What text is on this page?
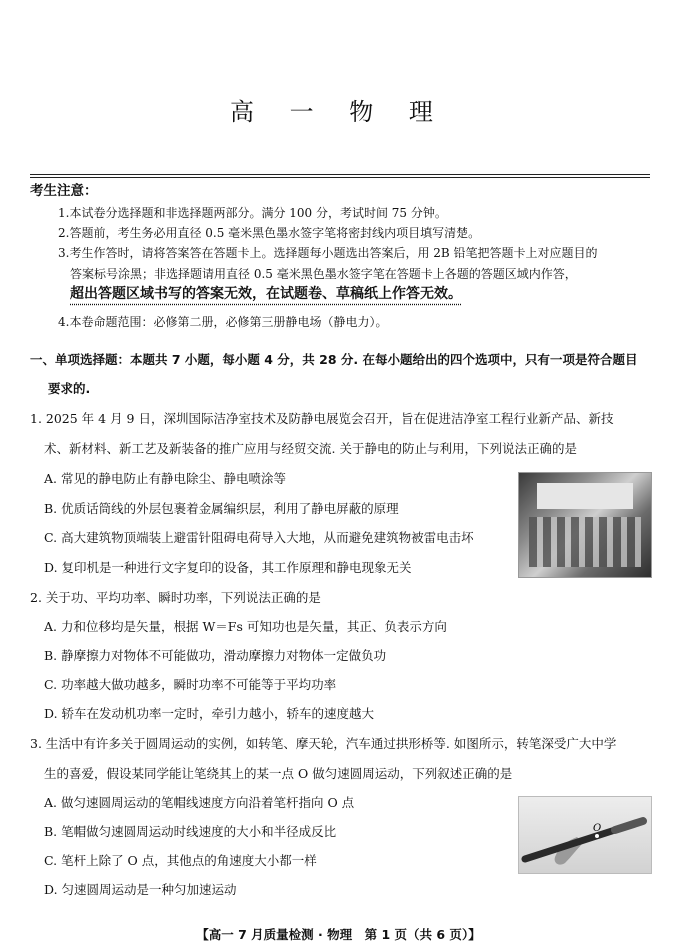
高 一 物 理
考生注意：
1.本试卷分选择题和非选择题两部分。满分 100 分，考试时间 75 分钟。
2.答题前，考生务必用直径 0.5 毫米黑色墨水签字笔将密封线内项目填写清楚。
3.考生作答时，请将答案答在答题卡上。选择题每小题选出答案后，用 2B 铅笔把答题卡上对应题目的
答案标号涂黑；非选择题请用直径 0.5 毫米黑色墨水签字笔在答题卡上各题的答题区域内作答，
超出答题区域书写的答案无效，在试题卷、草稿纸上作答无效。
4.本卷命题范围：必修第二册，必修第三册静电场（静电力）。
一、单项选择题：本题共 7 小题，每小题 4 分，共 28 分. 在每小题给出的四个选项中，只有一项是符合题目
要求的.
1. 2025 年 4 月 9 日，深圳国际洁净室技术及防静电展览会召开，旨在促进洁净室工程行业新产品、新技
术、新材料、新工艺及新装备的推广应用与经贸交流. 关于静电的防止与利用，下列说法正确的是
A. 常见的静电防止有静电除尘、静电喷涂等
B. 优质话筒线的外层包裹着金属编织层，利用了静电屏蔽的原理
C. 高大建筑物顶端装上避雷针阻碍电荷导入大地，从而避免建筑物被雷电击坏
D. 复印机是一种进行文字复印的设备，其工作原理和静电现象无关
2. 关于功、平均功率、瞬时功率，下列说法正确的是
A. 力和位移均是矢量，根据 W＝Fs 可知功也是矢量，其正、负表示方向
B. 静摩擦力对物体不可能做功，滑动摩擦力对物体一定做负功
C. 功率越大做功越多，瞬时功率不可能等于平均功率
D. 轿车在发动机功率一定时，牵引力越小，轿车的速度越大
3. 生活中有许多关于圆周运动的实例，如转笔、摩天轮，汽车通过拱形桥等. 如图所示，转笔深受广大中学
生的喜爱，假设某同学能让笔绕其上的某一点 O 做匀速圆周运动，下列叙述正确的是
A. 做匀速圆周运动的笔帽线速度方向沿着笔杆指向 O 点
B. 笔帽做匀速圆周运动时线速度的大小和半径成反比
C. 笔杆上除了 O 点，其他点的角速度大小都一样
D. 匀速圆周运动是一种匀加速运动
O
【高一 7 月质量检测 · 物理　第 1 页（共 6 页）】
